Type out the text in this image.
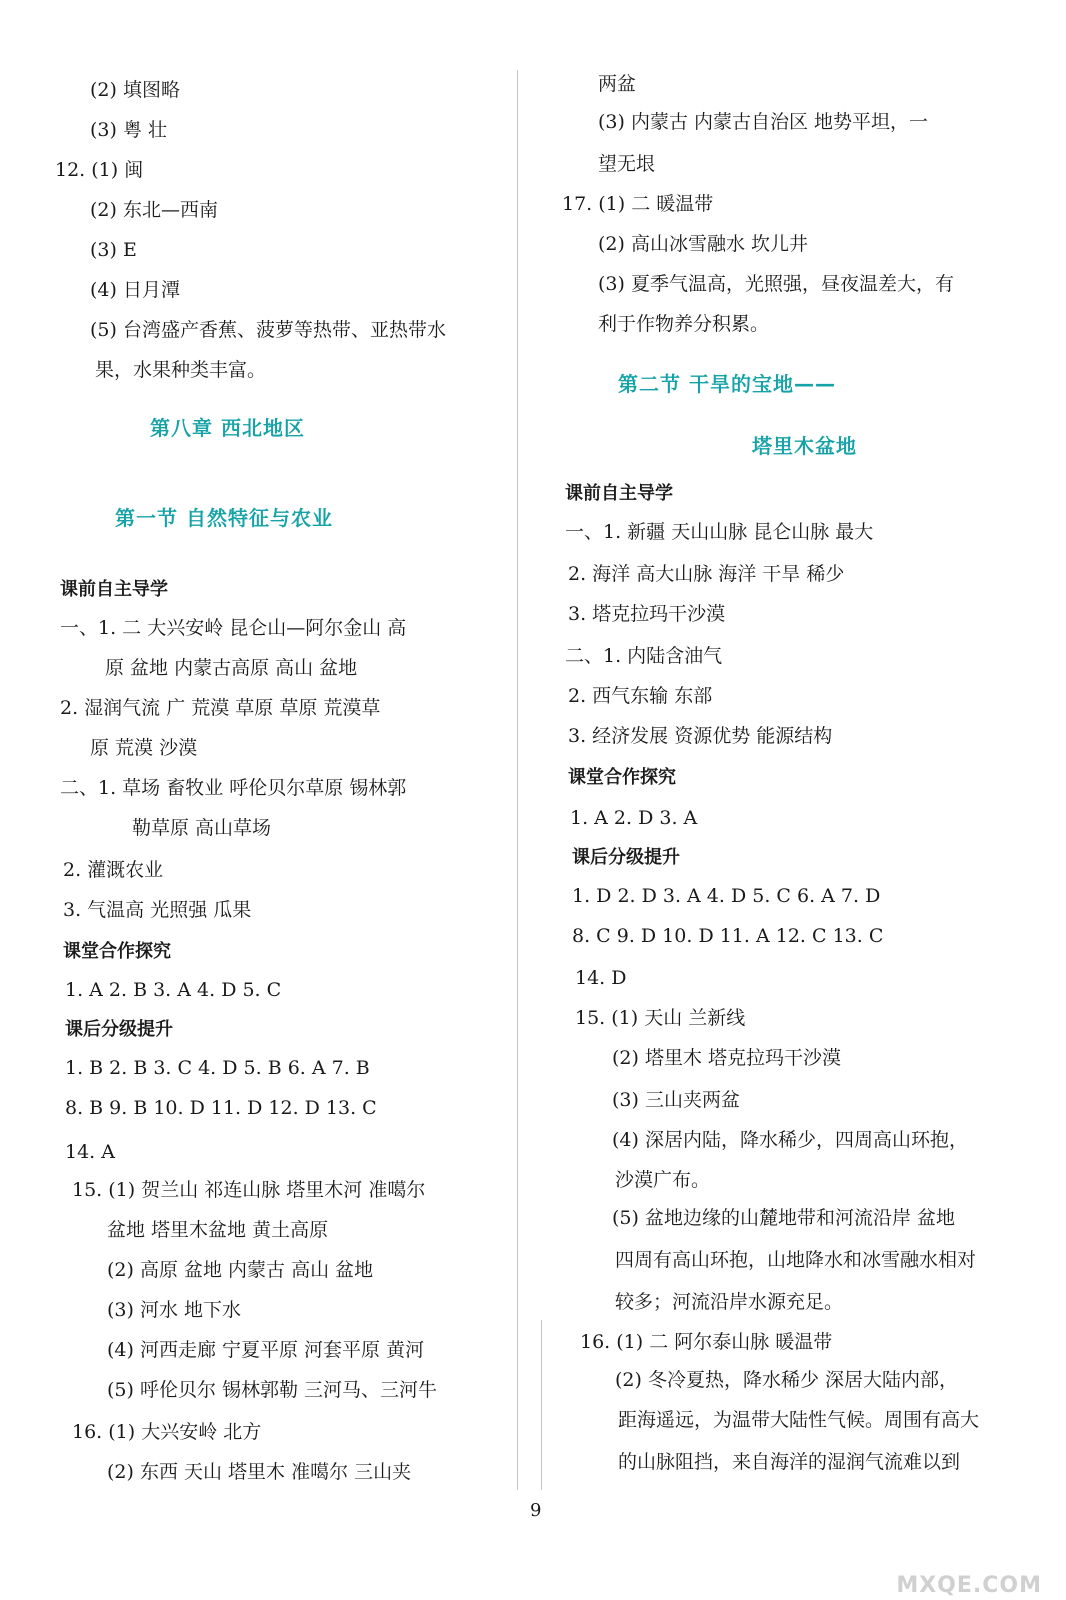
(2) 填图略
(3) 粤 壮
12. (1) 闽
(2) 东北—西南
(3) E
(4) 日月潭
(5) 台湾盛产香蕉、菠萝等热带、亚热带水
果，水果种类丰富。
第八章 西北地区
第一节 自然特征与农业
课前自主导学
一、1. 二 大兴安岭 昆仑山—阿尔金山 高
原 盆地 内蒙古高原 高山 盆地
2. 湿润气流 广 荒漠 草原 草原 荒漠草
原 荒漠 沙漠
二、1. 草场 畜牧业 呼伦贝尔草原 锡林郭
勒草原 高山草场
2. 灌溉农业
3. 气温高 光照强 瓜果
课堂合作探究
1. A 2. B 3. A 4. D 5. C
课后分级提升
1. B 2. B 3. C 4. D 5. B 6. A 7. B
8. B 9. B 10. D 11. D 12. D 13. C
14. A
15. (1) 贺兰山 祁连山脉 塔里木河 准噶尔
盆地 塔里木盆地 黄土高原
(2) 高原 盆地 内蒙古 高山 盆地
(3) 河水 地下水
(4) 河西走廊 宁夏平原 河套平原 黄河
(5) 呼伦贝尔 锡林郭勒 三河马、三河牛
16. (1) 大兴安岭 北方
(2) 东西 天山 塔里木 准噶尔 三山夹
两盆
(3) 内蒙古 内蒙古自治区 地势平坦，一
望无垠
17. (1) 二 暖温带
(2) 高山冰雪融水 坎儿井
(3) 夏季气温高，光照强，昼夜温差大，有
利于作物养分积累。
第二节 干旱的宝地——
塔里木盆地
课前自主导学
一、1. 新疆 天山山脉 昆仑山脉 最大
2. 海洋 高大山脉 海洋 干旱 稀少
3. 塔克拉玛干沙漠
二、1. 内陆含油气
2. 西气东输 东部
3. 经济发展 资源优势 能源结构
课堂合作探究
1. A 2. D 3. A
课后分级提升
1. D 2. D 3. A 4. D 5. C 6. A 7. D
8. C 9. D 10. D 11. A 12. C 13. C
14. D
15. (1) 天山 兰新线
(2) 塔里木 塔克拉玛干沙漠
(3) 三山夹两盆
(4) 深居内陆，降水稀少，四周高山环抱，
沙漠广布。
(5) 盆地边缘的山麓地带和河流沿岸 盆地
四周有高山环抱，山地降水和冰雪融水相对
较多；河流沿岸水源充足。
16. (1) 二 阿尔泰山脉 暖温带
(2) 冬冷夏热，降水稀少 深居大陆内部，
距海遥远，为温带大陆性气候。周围有高大
的山脉阻挡，来自海洋的湿润气流难以到
9
MXQE.COM
